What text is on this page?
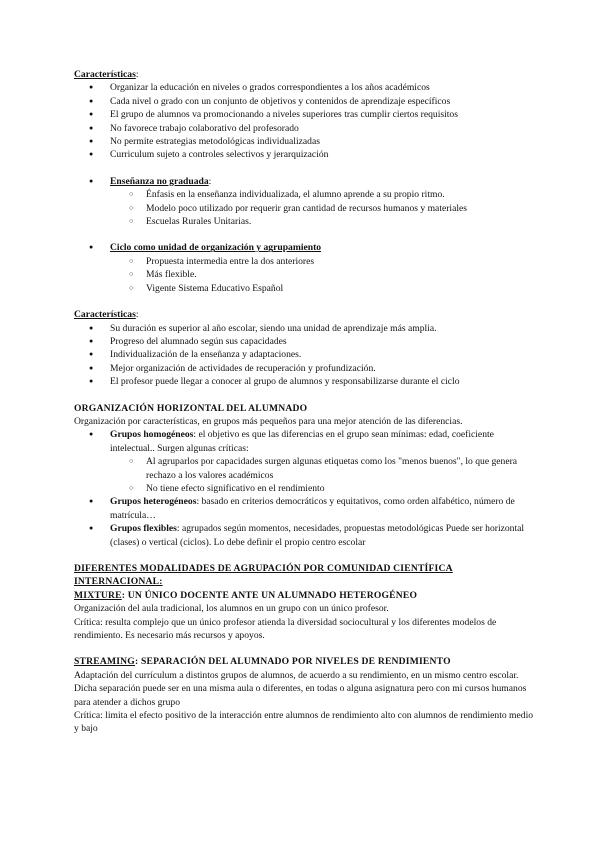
Características:

● Organizar la educación en niveles o grados correspondientes a los años académicos
● Cada nivel o grado con un conjunto de objetivos y contenidos de aprendizaje específicos
● El grupo de alumnos va promocionando a niveles superiores tras cumplir ciertos requisitos
● No favorece trabajo colaborativo del profesorado
● No permite estrategias metodológicas individualizadas
● Curriculum sujeto a controles selectivos y jerarquización
● Enseñanza no graduada:
○ Énfasis en la enseñanza individualizada, el alumno aprende a su propio ritmo.
○ Modelo poco utilizado por requerir gran cantidad de recursos humanos y materiales
○ Escuelas Rurales Unitarias.
● Ciclo como unidad de organización y agrupamiento
○ Propuesta intermedia entre la dos anteriores
○ Más flexible.
○ Vigente Sistema Educativo Español

Características:

● Su duración es superior al año escolar, siendo una unidad de aprendizaje más amplia.
● Progreso del alumnado según sus capacidades
● Individualización de la enseñanza y adaptaciones.
● Mejor organización de actividades de recuperación y profundización.
● El profesor puede llegar a conocer al grupo de alumnos y responsabilizarse durante el ciclo

ORGANIZACIÓN HORIZONTAL DEL ALUMNADO

Organización por características, en grupos más pequeños para una mejor atención de las diferencias.

● Grupos homogéneos: el objetivo es que las diferencias en el grupo sean mínimas: edad, coeficiente intelectual.. Surgen algunas críticas:
○ Al agruparlos por capacidades surgen algunas etiquetas como los "menos buenos", lo que genera rechazo a los valores académicos
○ No tiene efecto significativo en el rendimiento
● Grupos heterogéneos: basado en criterios democráticos y equitativos, como orden alfabético, número de matrícula…
● Grupos flexibles: agrupados según momentos, necesidades, propuestas metodológicas Puede ser horizontal (clases) o vertical (ciclos). Lo debe definir el propio centro escolar

DIFERENTES MODALIDADES DE AGRUPACIÓN POR COMUNIDAD CIENTÍFICA INTERNACIONAL:

MIXTURE: UN ÚNICO DOCENTE ANTE UN ALUMNADO HETEROGÉNEO

Organización del aula tradicional, los alumnos en un grupo con un único profesor.

Crítica: resulta complejo que un único profesor atienda la diversidad sociocultural y los diferentes modelos de rendimiento. Es necesario más recursos y apoyos.

STREAMING: SEPARACIÓN DEL ALUMNADO POR NIVELES DE RENDIMIENTO

Adaptación del currículum a distintos grupos de alumnos, de acuerdo a su rendimiento, en un mismo centro escolar. Dicha separación puede ser en una misma aula o diferentes, en todas o alguna asignatura pero con mi cursos humanos para atender a dichos grupo

Crítica: limita el efecto positivo de la interacción entre alumnos de rendimiento alto con alumnos de rendimiento medio y bajo
